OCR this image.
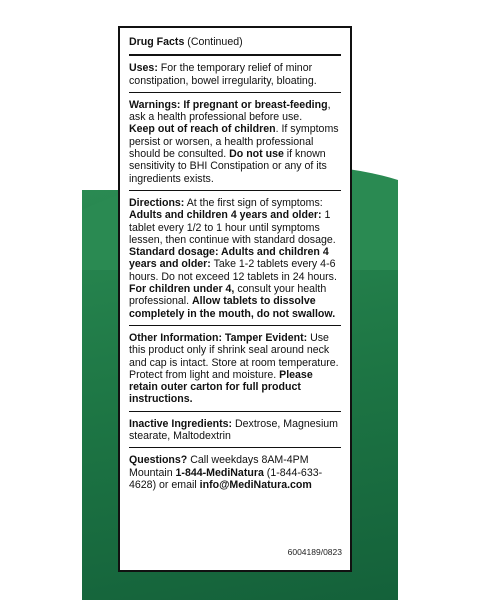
Drug Facts (Continued)
Uses: For the temporary relief of minor constipation, bowel irregularity, bloating.
Warnings: If pregnant or breast-feeding, ask a health professional before use.
Keep out of reach of children. If symptoms persist or worsen, a health professional should be consulted. Do not use if known sensitivity to BHI Constipation or any of its ingredients exists.
Directions: At the first sign of symptoms:
Adults and children 4 years and older: 1 tablet every 1/2 to 1 hour until symptoms lessen, then continue with standard dosage.
Standard dosage: Adults and children 4 years and older: Take 1-2 tablets every 4-6 hours. Do not exceed 12 tablets in 24 hours. For children under 4, consult your health professional. Allow tablets to dissolve completely in the mouth, do not swallow.
Other Information: Tamper Evident: Use this product only if shrink seal around neck and cap is intact. Store at room temperature. Protect from light and moisture. Please retain outer carton for full product instructions.
Inactive Ingredients: Dextrose, Magnesium stearate, Maltodextrin
Questions? Call weekdays 8AM-4PM Mountain 1-844-MediNatura (1-844-633-4628) or email info@MediNatura.com
6004189/0823
